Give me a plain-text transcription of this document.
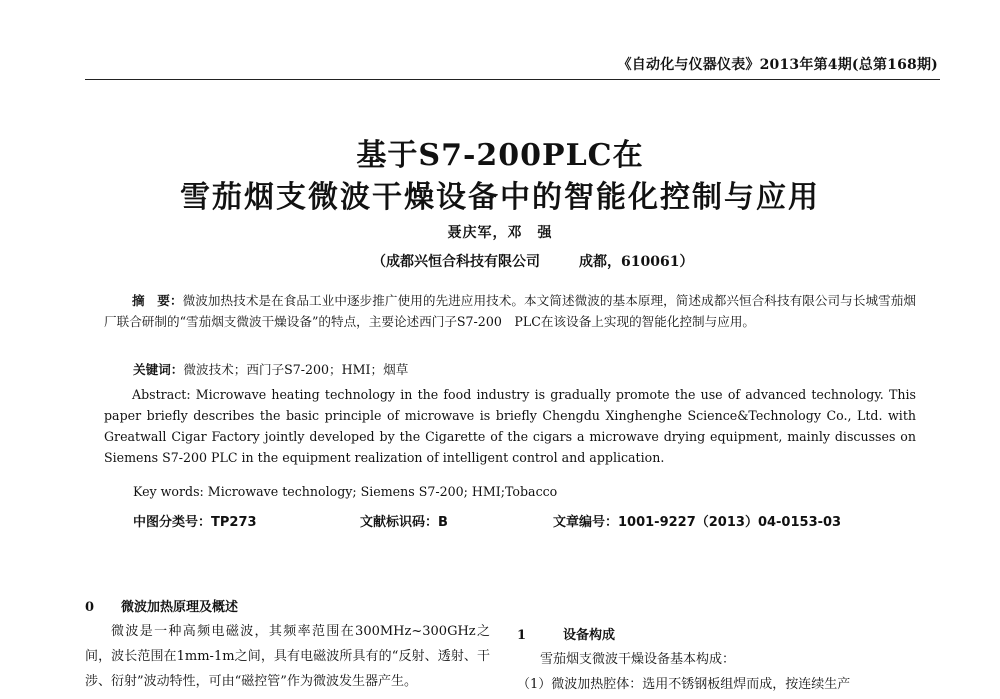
《自动化与仪器仪表》2013年第4期(总第168期)
基于S7-200PLC在
雪茄烟支微波干燥设备中的智能化控制与应用
聂庆军，邓　强
（成都兴恒合科技有限公司	成都，610061）
摘　要：微波加热技术是在食品工业中逐步推广使用的先进应用技术。本文简述微波的基本原理，简述成都兴恒合科技有限公司与长城雪茄烟厂联合研制的“雪茄烟支微波干燥设备”的特点，主要论述西门子S7-200　PLC在该设备上实现的智能化控制与应用。
关键词：微波技术；西门子S7-200；HMI；烟草

Abstract: Microwave heating technology in the food industry is gradually promote the use of advanced technology. This paper briefly describes the basic principle of microwave is briefly Chengdu Xinghenghe Science&Technology Co., Ltd. with Greatwall Cigar Factory jointly developed by the Cigarette of the cigars a microwave drying equipment, mainly discusses on Siemens S7-200 PLC in the equipment realization of intelligent control and application.

Key words: Microwave technology; Siemens S7-200; HMI;Tobacco
中图分类号：TP273	文献标识码：B	文章编号：1001-9227（2013）04-0153-03
0 微波加热原理及概述

微波是一种高频电磁波，其频率范围在300MHz~300GHz之间，波长范围在1mm-1m之间，具有电磁波所具有的“反射、透射、干涉、衍射”波动特性，可由“磁控管”作为微波发生器产生。

1	设备构成
雪茄烟支微波干燥设备基本构成：
（1）微波加热腔体：选用不锈钢板组焊而成，按连续生产
